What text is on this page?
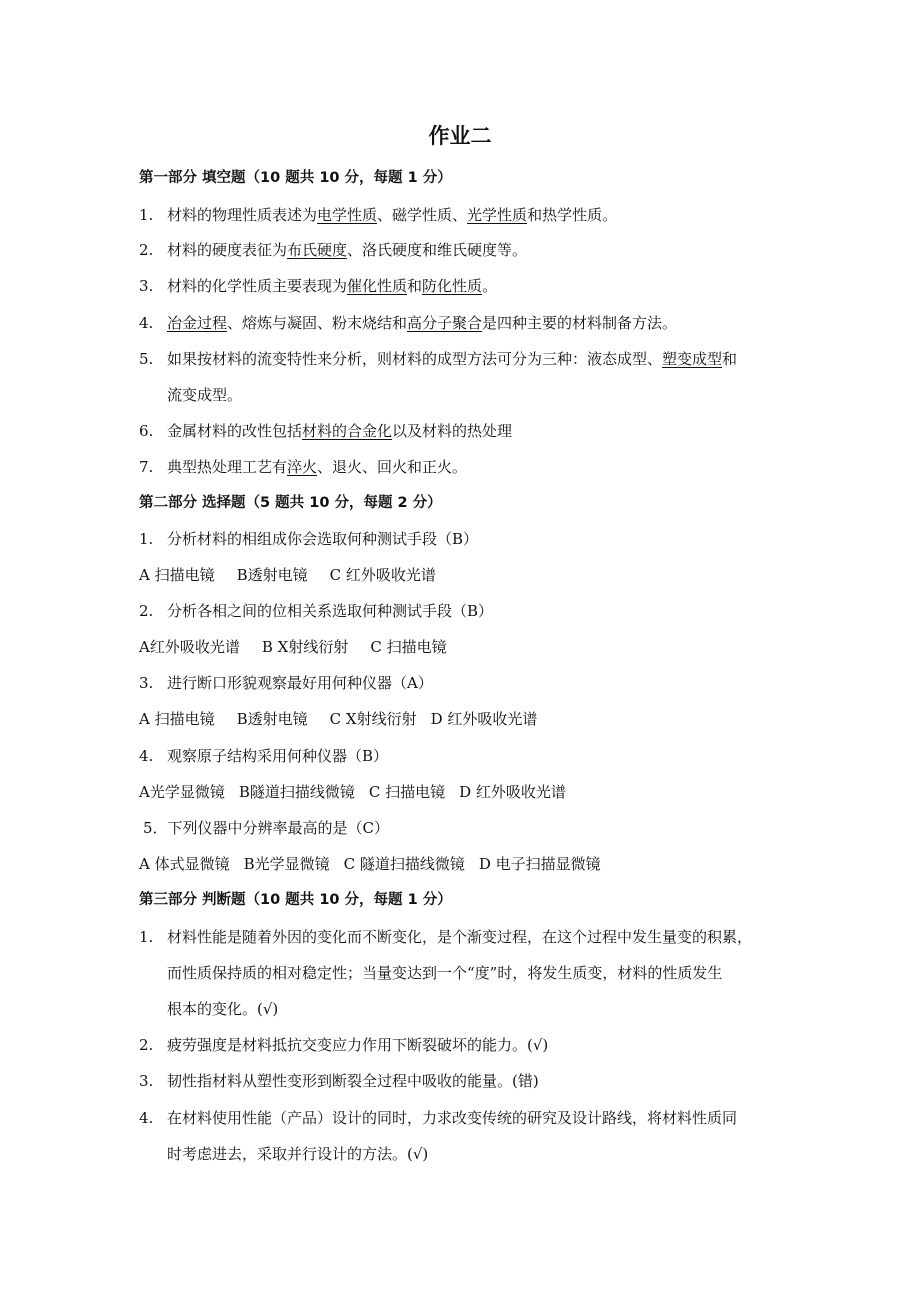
作业二
第一部分 填空题（10 题共 10 分，每题 1 分）
1. 材料的物理性质表述为电学性质、磁学性质、光学性质和热学性质。
2. 材料的硬度表征为布氏硬度、洛氏硬度和维氏硬度等。
3. 材料的化学性质主要表现为催化性质和防化性质。
4. 冶金过程、熔炼与凝固、粉末烧结和高分子聚合是四种主要的材料制备方法。
5. 如果按材料的流变特性来分析，则材料的成型方法可分为三种：液态成型、塑变成型和
流变成型。
6. 金属材料的改性包括材料的合金化以及材料的热处理
7. 典型热处理工艺有淬火、退火、回火和正火。
第二部分 选择题（5 题共 10 分，每题 2 分）
1. 分析材料的相组成你会选取何种测试手段（B）
A 扫描电镜 B透射电镜 C 红外吸收光谱
2. 分析各相之间的位相关系选取何种测试手段（B）
A红外吸收光谱 B X射线衍射 C 扫描电镜
3. 进行断口形貌观察最好用何种仪器（A）
A 扫描电镜 B透射电镜 C X射线衍射 D 红外吸收光谱
4. 观察原子结构采用何种仪器（B）
A光学显微镜 B隧道扫描线微镜 C 扫描电镜 D 红外吸收光谱
5．下列仪器中分辨率最高的是（C）
A 体式显微镜 B光学显微镜 C 隧道扫描线微镜 D 电子扫描显微镜
第三部分 判断题（10 题共 10 分，每题 1 分）
1. 材料性能是随着外因的变化而不断变化，是个渐变过程，在这个过程中发生量变的积累，
而性质保持质的相对稳定性；当量变达到一个“度”时，将发生质变，材料的性质发生
根本的变化。(√)
2. 疲劳强度是材料抵抗交变应力作用下断裂破坏的能力。(√)
3. 韧性指材料从塑性变形到断裂全过程中吸收的能量。(错)
4. 在材料使用性能（产品）设计的同时，力求改变传统的研究及设计路线，将材料性质同
时考虑进去，采取并行设计的方法。(√)
